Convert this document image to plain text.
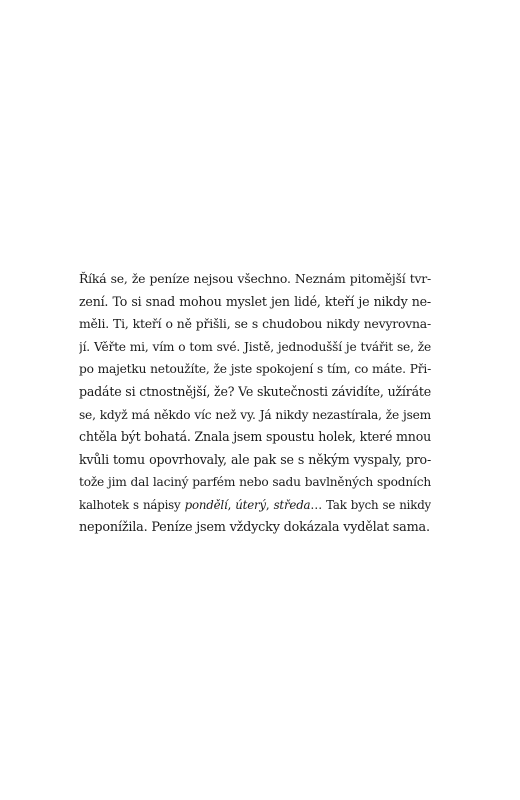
Říká se, že peníze nejsou všechno. Neznám pitomější tvr-
zení. To si snad mohou myslet jen lidé, kteří je nikdy ne-
měli. Ti, kteří o ně přišli, se s chudobou nikdy nevyrovna-
jí. Věřte mi, vím o tom své. Jistě, jednodušší je tvářit se, že
po majetku netoužíte, že jste spokojení s tím, co máte. Při-
padáte si ctnostnější, že? Ve skutečnosti závidíte, užíráte
se, když má někdo víc než vy. Já nikdy nezastírala, že jsem
chtěla být bohatá. Znala jsem spoustu holek, které mnou
kvůli tomu opovrhovaly, ale pak se s někým vyspaly, pro-
tože jim dal laciný parfém nebo sadu bavlněných spodních
kalhotek s nápisy pondělí, úterý, středa… Tak bych se nikdy
neponížila. Peníze jsem vždycky dokázala vydělat sama.
